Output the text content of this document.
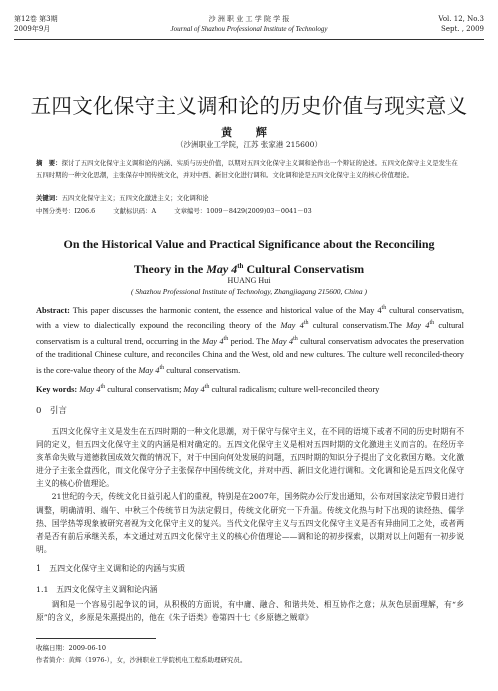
第12卷 第3期
2009年9月
沙 洲 职 业 工 学 院 学 报
Journal of Shazhou Professional Institute of Technology
Vol. 12, No.3
Sept. , 2009
五四文化保守主义调和论的历史价值与现实意义
黄 辉
（沙洲职业工学院，江苏 张家港 215600）
摘　要：探讨了五四文化保守主义调和论的内涵、实质与历史价值，以期对五四文化保守主义调和论作出一个辩证的论述。五四文化保守主义是发生在五四时期的一种文化思潮，主张保存中国传统文化，并对中西、新旧文化进行调和。文化调和论是五四文化保守主义的核心价值理论。
关键词：五四文化保守主义；五四文化激进主义；文化调和论
中图分类号：I206.6	文献标识码：A	文章编号：1009－8429(2009)03－0041－03
On the Historical Value and Practical Significance about the Reconciling
Theory in the May 4th Cultural Conservatism
HUANG Hui
( Shazhou Professional Institute of Technology, Zhangjiagang 215600, China )
Abstract: This paper discusses the harmonic content, the essence and historical value of the May 4th cultural conservatism, with a view to dialectically expound the reconciling theory of the May 4th cultural conservatism.The May 4th cultural conservatism is a cultural trend, occurring in the May 4th period. The May 4th cultural conservatism advocates the preservation of the traditional Chinese culture, and reconciles China and the West, old and new cultures. The culture well reconciled-theory is the core-value theory of the May 4th cultural conservatism.
Key words: May 4th cultural conservatism; May 4th cultural radicalism; culture well-reconciled theory
0　引言

五四文化保守主义是发生在五四时期的一种文化思潮，对于保守与保守主义，在不同的语境下或者不同的历史时期有不同的定义，但五四文化保守主义的内涵是相对确定的。五四文化保守主义是相对五四时期的文化激进主义而言的。在经历辛亥革命失败与道德救国成效欠微的情况下，对于中国向何处发展的问题，五四时期的知识分子提出了文化救国方略。文化激进分子主张全盘西化，而文化保守分子主张保存中国传统文化，并对中西、新旧文化进行调和。文化调和论是五四文化保守主义的核心价值理论。

21世纪的今天，传统文化日益引起人们的重视，特别是在2007年，国务院办公厅发出通知，公布对国家法定节假日进行调整，明确清明、端午、中秋三个传统节日为法定假日，传统文化研究一下升温。传统文化热与时下出现的读经热、儒学热、国学热等现象被研究者视为文化保守主义的复兴。当代文化保守主义与五四文化保守主义是否有异曲同工之处，或者两者是否有前后承继关系，本文通过对五四文化保守主义的核心价值理论——调和论的初步探索，以期对以上问题有一初步说明。

1　五四文化保守主义调和论的内涵与实质
1.1　五四文化保守主义调和论内涵

调和是一个容易引起争议的词，从积极的方面说，有中庸、融合、和谐共处、相互协作之意；从灰色层面理解，有“乡原”的含义，乡原是朱熹提出的，他在《朱子语类》卷第四十七《乡原德之贼章》

收稿日期：2009-06-10
作者简介：黄辉（1976-），女，沙洲职业工学院机电工程系助理研究员。
